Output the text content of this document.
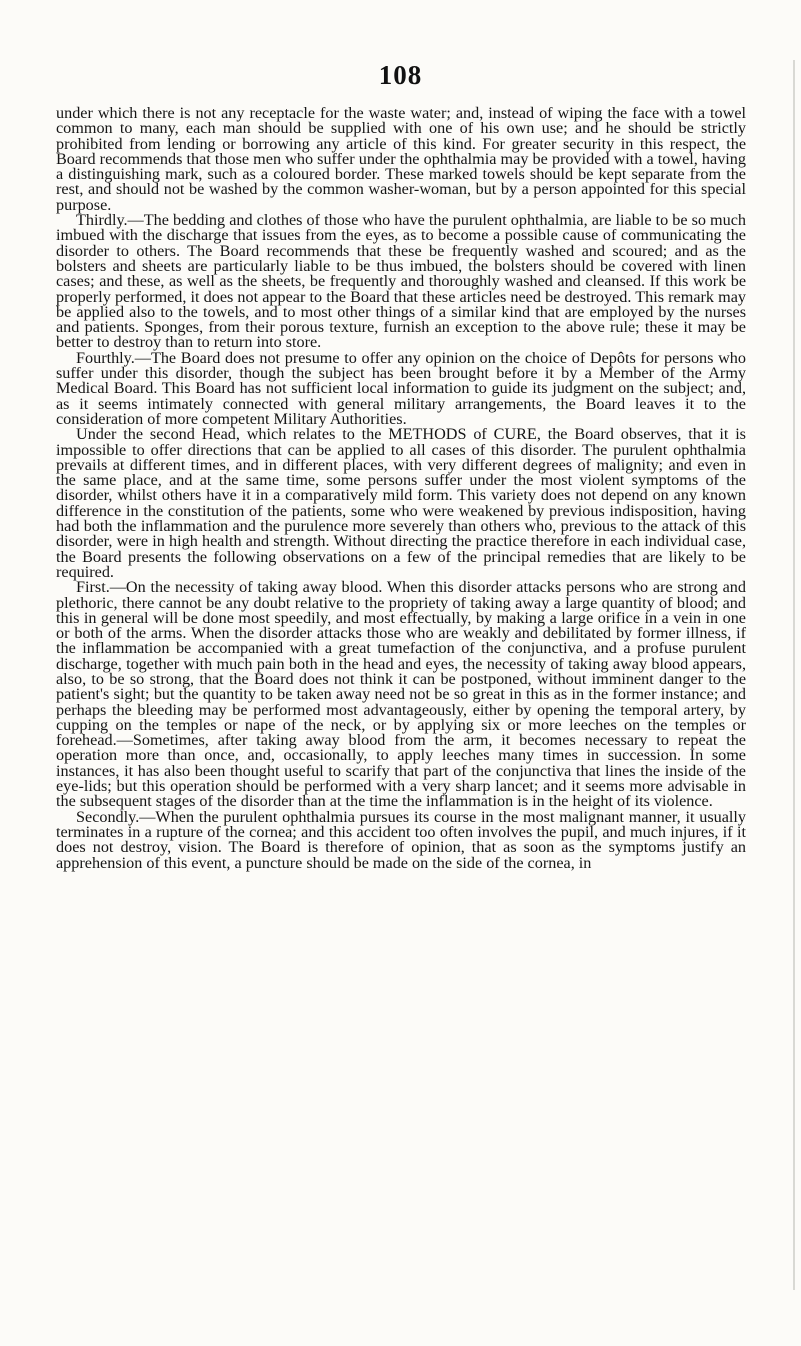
108

under which there is not any receptacle for the waste water; and, instead of wiping the face with a towel common to many, each man should be supplied with one of his own use; and he should be strictly prohibited from lending or borrowing any article of this kind. For greater security in this respect, the Board recommends that those men who suffer under the ophthalmia may be provided with a towel, having a distinguishing mark, such as a coloured border. These marked towels should be kept separate from the rest, and should not be washed by the common washer-woman, but by a person appointed for this special purpose.

Thirdly.—The bedding and clothes of those who have the purulent ophthalmia, are liable to be so much imbued with the discharge that issues from the eyes, as to become a possible cause of communicating the disorder to others. The Board recommends that these be frequently washed and scoured; and as the bolsters and sheets are particularly liable to be thus imbued, the bolsters should be covered with linen cases; and these, as well as the sheets, be frequently and thoroughly washed and cleansed. If this work be properly performed, it does not appear to the Board that these articles need be destroyed. This remark may be applied also to the towels, and to most other things of a similar kind that are employed by the nurses and patients. Sponges, from their porous texture, furnish an exception to the above rule; these it may be better to destroy than to return into store.

Fourthly.—The Board does not presume to offer any opinion on the choice of Depôts for persons who suffer under this disorder, though the subject has been brought before it by a Member of the Army Medical Board. This Board has not sufficient local information to guide its judgment on the subject; and, as it seems intimately connected with general military arrangements, the Board leaves it to the consideration of more competent Military Authorities.

Under the second Head, which relates to the METHODS of CURE, the Board observes, that it is impossible to offer directions that can be applied to all cases of this disorder. The purulent ophthalmia prevails at different times, and in different places, with very different degrees of malignity; and even in the same place, and at the same time, some persons suffer under the most violent symptoms of the disorder, whilst others have it in a comparatively mild form. This variety does not depend on any known difference in the constitution of the patients, some who were weakened by previous indisposition, having had both the inflammation and the purulence more severely than others who, previous to the attack of this disorder, were in high health and strength. Without directing the practice therefore in each individual case, the Board presents the following observations on a few of the principal remedies that are likely to be required.

First.—On the necessity of taking away blood. When this disorder attacks persons who are strong and plethoric, there cannot be any doubt relative to the propriety of taking away a large quantity of blood; and this in general will be done most speedily, and most effectually, by making a large orifice in a vein in one or both of the arms. When the disorder attacks those who are weakly and debilitated by former illness, if the inflammation be accompanied with a great tumefaction of the conjunctiva, and a profuse purulent discharge, together with much pain both in the head and eyes, the necessity of taking away blood appears, also, to be so strong, that the Board does not think it can be postponed, without imminent danger to the patient's sight; but the quantity to be taken away need not be so great in this as in the former instance; and perhaps the bleeding may be performed most advantageously, either by opening the temporal artery, by cupping on the temples or nape of the neck, or by applying six or more leeches on the temples or forehead.—Sometimes, after taking away blood from the arm, it becomes necessary to repeat the operation more than once, and, occasionally, to apply leeches many times in succession. In some instances, it has also been thought useful to scarify that part of the conjunctiva that lines the inside of the eye-lids; but this operation should be performed with a very sharp lancet; and it seems more advisable in the subsequent stages of the disorder than at the time the inflammation is in the height of its violence.

Secondly.—When the purulent ophthalmia pursues its course in the most malignant manner, it usually terminates in a rupture of the cornea; and this accident too often involves the pupil, and much injures, if it does not destroy, vision. The Board is therefore of opinion, that as soon as the symptoms justify an apprehension of this event, a puncture should be made on the side of the cornea, in
